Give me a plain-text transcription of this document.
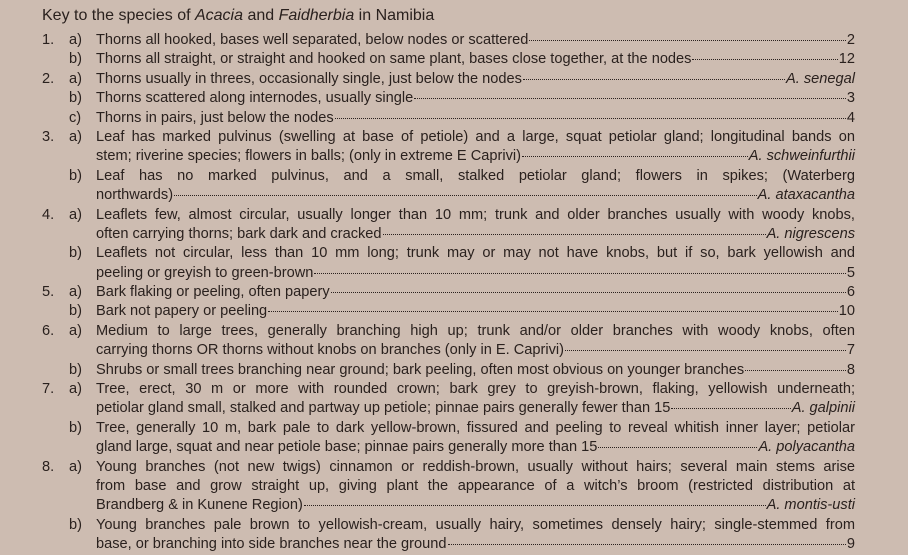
Key to the species of Acacia and Faidherbia in Namibia
1. a) Thorns all hooked, bases well separated, below nodes or scattered	2
b) Thorns all straight, or straight and hooked on same plant, bases close together, at the nodes	12
2. a) Thorns usually in threes, occasionally single, just below the nodes	A. senegal
b) Thorns scattered along internodes, usually single	3
c) Thorns in pairs, just below the nodes	4
3. a) Leaf has marked pulvinus (swelling at base of petiole) and a large, squat petiolar gland; longitudinal bands on
stem; riverine species; flowers in balls; (only in extreme E Caprivi)	A. schweinfurthii
b) Leaf has no marked pulvinus, and a small, stalked petiolar gland; flowers in spikes; (Waterberg
northwards)	A. ataxacantha
4. a) Leaflets few, almost circular, usually longer than 10 mm; trunk and older branches usually with woody knobs,
often carrying thorns; bark dark and cracked	A. nigrescens
b) Leaflets not circular, less than 10 mm long; trunk may or may not have knobs, but if so, bark yellowish and
peeling or greyish to green-brown	5
5. a) Bark flaking or peeling, often papery	6
b) Bark not papery or peeling	10
6. a) Medium to large trees, generally branching high up; trunk and/or older branches with woody knobs, often
carrying thorns OR thorns without knobs on branches (only in E. Caprivi)	7
b) Shrubs or small trees branching near ground; bark peeling, often most obvious on younger branches	8
7. a) Tree, erect, 30 m or more with rounded crown; bark grey to greyish-brown, flaking, yellowish underneath;
petiolar gland small, stalked and partway up petiole; pinnae pairs generally fewer than 15	A. galpinii
b) Tree, generally 10 m, bark pale to dark yellow-brown, fissured and peeling to reveal whitish inner layer; petiolar
gland large, squat and near petiole base; pinnae pairs generally more than 15	A. polyacantha
8. a) Young branches (not new twigs) cinnamon or reddish-brown, usually without hairs; several main stems arise
from base and grow straight up, giving plant the appearance of a witch’s broom (restricted distribution at
Brandberg & in Kunene Region)	A. montis-usti
b) Young branches pale brown to yellowish-cream, usually hairy, sometimes densely hairy; single-stemmed from
base, or branching into side branches near the ground	9
